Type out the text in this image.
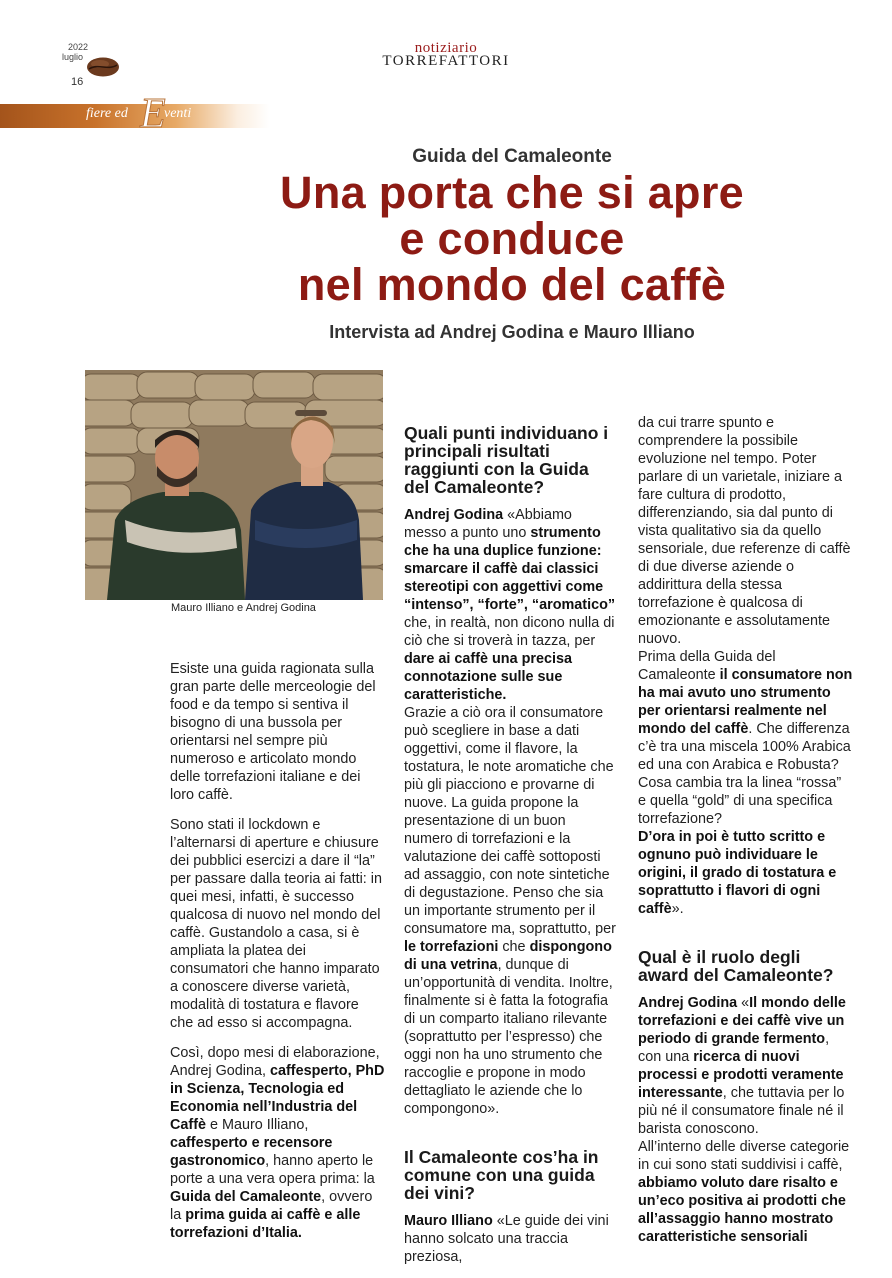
2022
luglio
16
notiziario
TORREFATTORI
fiere ed E
venti
Guida del Camaleonte
Una porta che si apre
e conduce
nel mondo del caffè
Intervista ad Andrej Godina e Mauro Illiano
Mauro Illiano e Andrej Godina

Esiste una guida ragionata sulla gran parte delle merceologie del food e da tempo si sentiva il bisogno di una bussola per orientarsi nel sempre più numeroso e articolato mondo delle torrefazioni italiane e dei loro caffè.

Sono stati il lockdown e l’alternarsi di aperture e chiusure dei pubblici esercizi a dare il “la” per passare dalla teoria ai fatti: in quei mesi, infatti, è successo qualcosa di nuovo nel mondo del caffè. Gustandolo a casa, si è ampliata la platea dei consumatori che hanno imparato a conoscere diverse varietà, modalità di tostatura e flavore che ad esso si accompagna.

Così, dopo mesi di elaborazione, Andrej Godina, caffesperto, PhD in Scienza, Tecnologia ed Economia nell’Industria del Caffè e Mauro Illiano, caffesperto e recensore gastronomico, hanno aperto le porte a una vera opera prima: la Guida del Camaleonte, ovvero la prima guida ai caffè e alle torrefazioni d’Italia.

Quali punti individuano i principali risultati raggiunti con la Guida del Camaleonte?

Andrej Godina «Abbiamo messo a punto uno strumento che ha una duplice funzione: smarcare il caffè dai classici stereotipi con aggettivi come “intenso”, “forte”, “aromatico” che, in realtà, non dicono nulla di ciò che si troverà in tazza, per dare ai caffè una precisa connotazione sulle sue caratteristiche.
Grazie a ciò ora il consumatore può scegliere in base a dati oggettivi, come il flavore, la tostatura, le note aromatiche che più gli piacciono e provarne di nuove. La guida propone la presentazione di un buon numero di torrefazioni e la valutazione dei caffè sottoposti ad assaggio, con note sintetiche di degustazione. Penso che sia un importante strumento per il consumatore ma, soprattutto, per le torrefazioni che dispongono di una vetrina, dunque di un’opportunità di vendita. Inoltre, finalmente si è fatta la fotografia di un comparto italiano rilevante (soprattutto per l’espresso) che oggi non ha uno strumento che raccoglie e propone in modo dettagliato le aziende che lo compongono».

Il Camaleonte cos’ha in comune con una guida dei vini?

Mauro Illiano «Le guide dei vini hanno solcato una traccia preziosa,

da cui trarre spunto e comprendere la possibile evoluzione nel tempo. Poter parlare di un varietale, iniziare a fare cultura di prodotto, differenziando, sia dal punto di vista qualitativo sia da quello sensoriale, due referenze di caffè di due diverse aziende o addirittura della stessa torrefazione è qualcosa di emozionante e assolutamente nuovo.
Prima della Guida del Camaleonte il consumatore non ha mai avuto uno strumento per orientarsi realmente nel mondo del caffè. Che differenza c’è tra una miscela 100% Arabica ed una con Arabica e Robusta?
Cosa cambia tra la linea “rossa” e quella “gold” di una specifica torrefazione?
D’ora in poi è tutto scritto e ognuno può individuare le origini, il grado di tostatura e soprattutto i flavori di ogni caffè».

Qual è il ruolo degli award del Camaleonte?

Andrej Godina «Il mondo delle torrefazioni e dei caffè vive un periodo di grande fermento, con una ricerca di nuovi processi e prodotti veramente interessante, che tuttavia per lo più né il consumatore finale né il barista conoscono.
All’interno delle diverse categorie in cui sono stati suddivisi i caffè, abbiamo voluto dare risalto e un’eco positiva ai prodotti che all’assaggio hanno mostrato caratteristiche sensoriali
